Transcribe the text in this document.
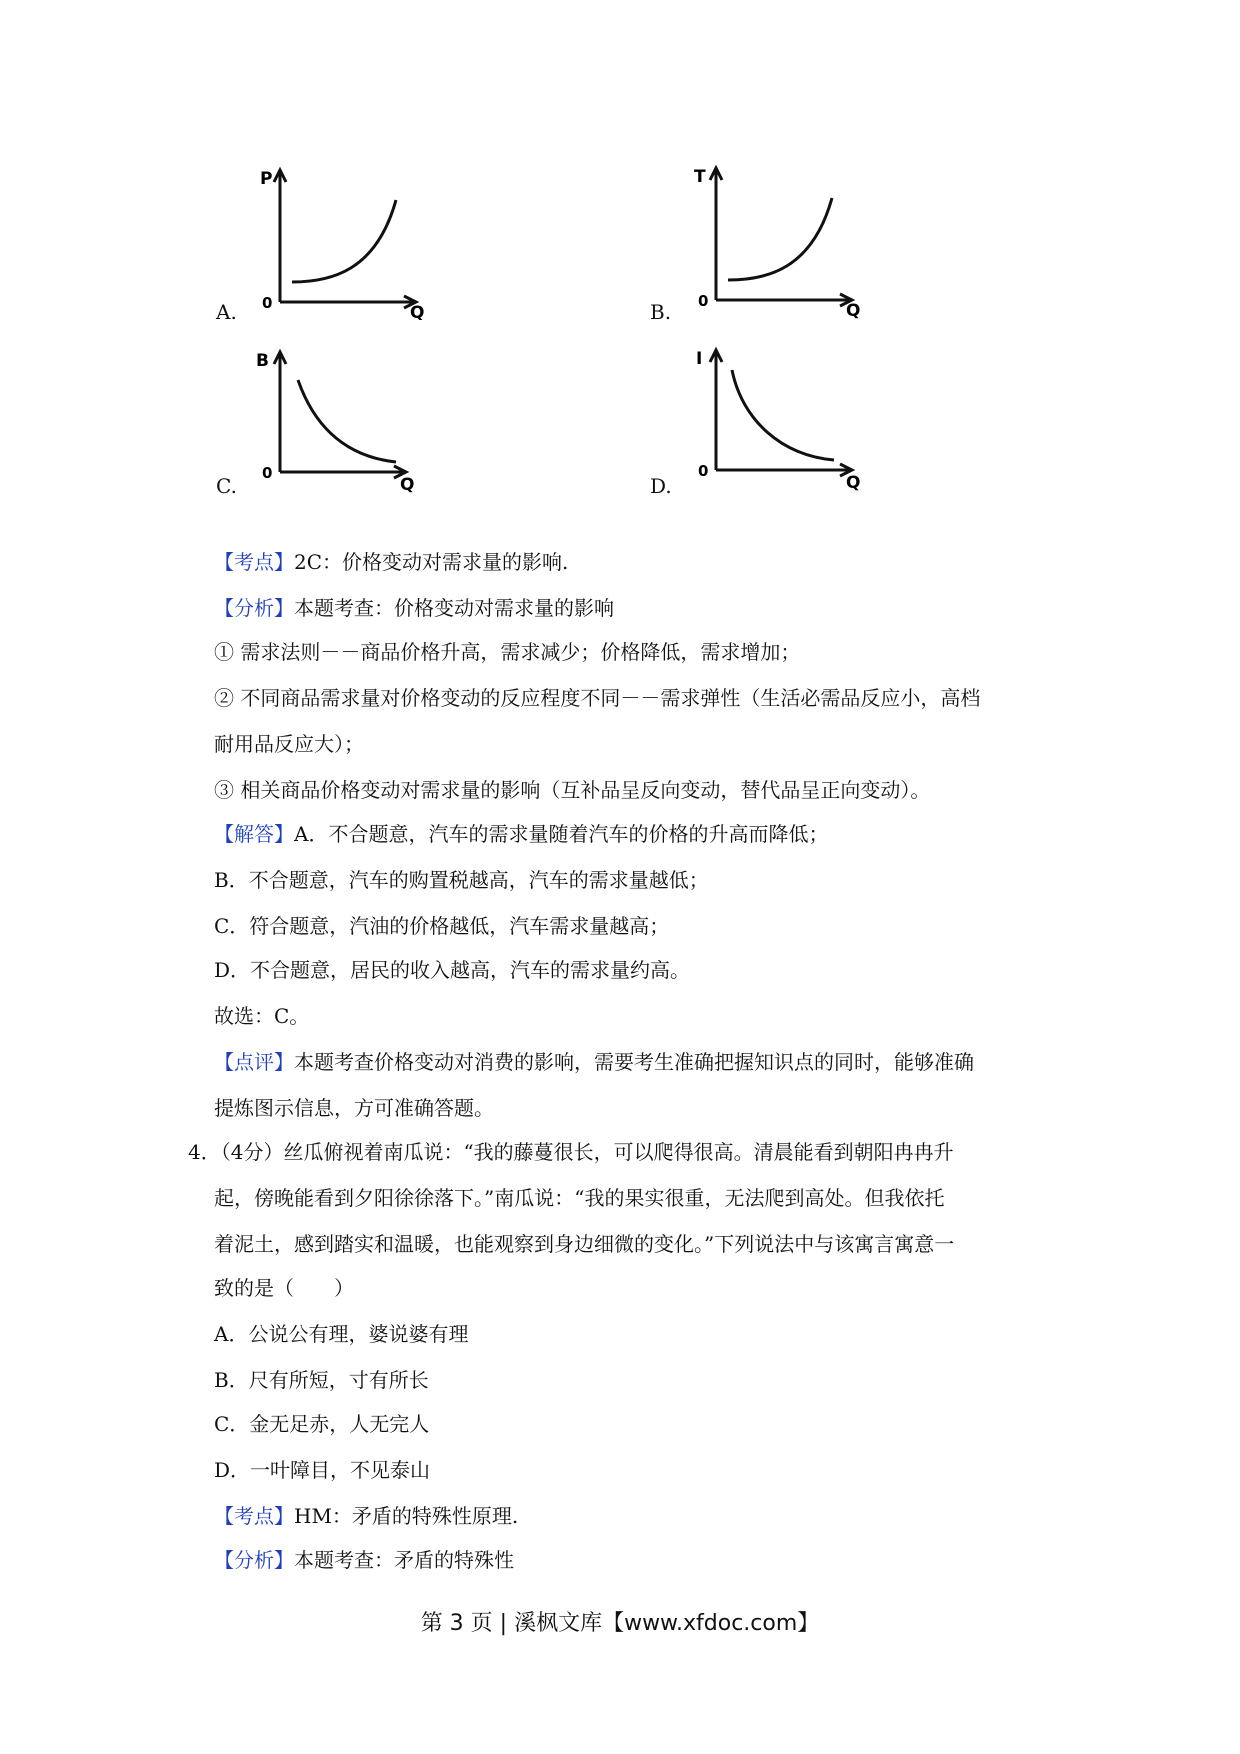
P
0	Q
A.
T
0	Q
B.
B
0
Q
C.
I
0
Q
D.
【考点】2C：价格变动对需求量的影响.
【分析】本题考查：价格变动对需求量的影响
① 需求法则－－商品价格升高，需求减少；价格降低，需求增加；
② 不同商品需求量对价格变动的反应程度不同－－需求弹性（生活必需品反应小，高档
耐用品反应大）；
③ 相关商品价格变动对需求量的影响（互补品呈反向变动，替代品呈正向变动）。
【解答】A．不合题意，汽车的需求量随着汽车的价格的升高而降低；
B．不合题意，汽车的购置税越高，汽车的需求量越低；
C．符合题意，汽油的价格越低，汽车需求量越高；
D．不合题意，居民的收入越高，汽车的需求量约高。
故选：C。
【点评】本题考查价格变动对消费的影响，需要考生准确把握知识点的同时，能够准确
提炼图示信息，方可准确答题。
4．（4分）丝瓜俯视着南瓜说：“我的藤蔓很长，可以爬得很高。清晨能看到朝阳冉冉升
起，傍晚能看到夕阳徐徐落下。”南瓜说：“我的果实很重，无法爬到高处。但我依托
着泥土，感到踏实和温暖，也能观察到身边细微的变化。”下列说法中与该寓言寓意一
致的是（　　）
A．公说公有理，婆说婆有理
B．尺有所短，寸有所长
C．金无足赤，人无完人
D．一叶障目，不见泰山
【考点】HM：矛盾的特殊性原理.
【分析】本题考查：矛盾的特殊性
第 3 页 | 溪枫文库【www.xfdoc.com】
